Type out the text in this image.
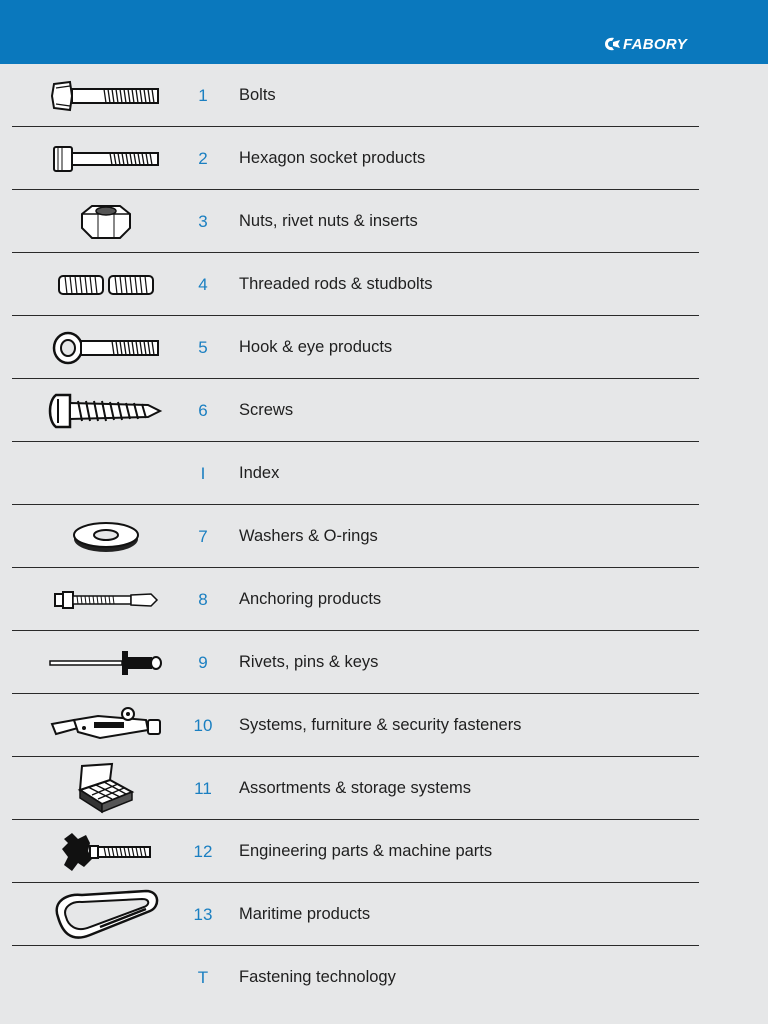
FABORY
1	Bolts
2	Hexagon socket products
3	Nuts, rivet nuts & inserts
4	Threaded rods & studbolts
5	Hook & eye products
6	Screws
I	Index
7	Washers & O-rings
8	Anchoring products
9	Rivets, pins & keys
10	Systems, furniture & security fasteners
11	Assortments & storage systems
12	Engineering parts & machine parts
13	Maritime products
T	Fastening technology
